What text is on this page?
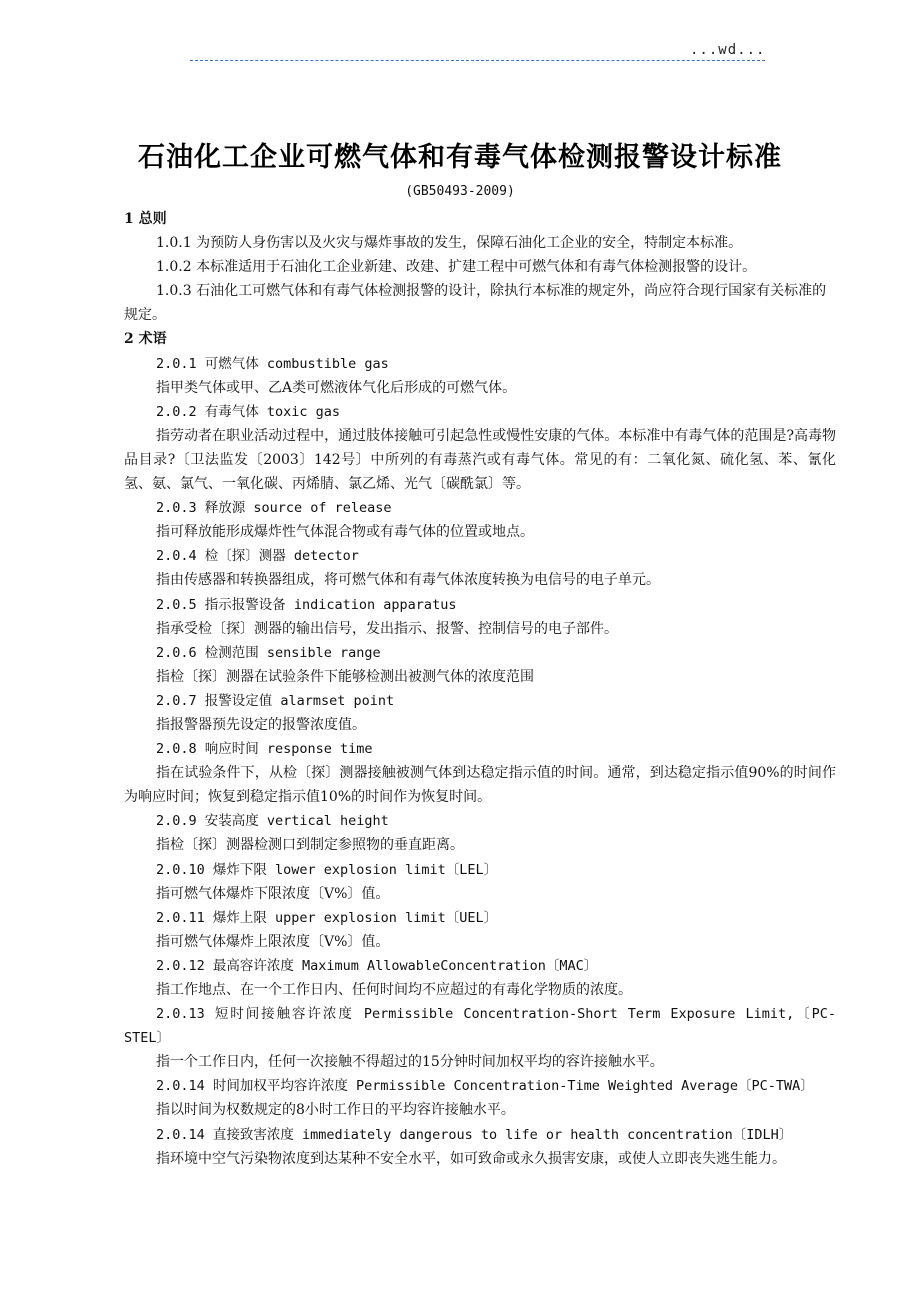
...wd...
石油化工企业可燃气体和有毒气体检测报警设计标准
(GB50493-2009)
1 总则
1.0.1 为预防人身伤害以及火灾与爆炸事故的发生，保障石油化工企业的安全，特制定本标准。
1.0.2 本标准适用于石油化工企业新建、改建、扩建工程中可燃气体和有毒气体检测报警的设计。
1.0.3 石油化工可燃气体和有毒气体检测报警的设计，除执行本标准的规定外，尚应符合现行国家有关标准的规定。
2 术语
2.0.1 可燃气体 combustible gas
指甲类气体或甲、乙A类可燃液体气化后形成的可燃气体。
2.0.2 有毒气体 toxic gas
指劳动者在职业活动过程中，通过肢体接触可引起急性或慢性安康的气体。本标准中有毒气体的范围是?高毒物品目录?〔卫法监发〔2003〕142号〕中所列的有毒蒸汽或有毒气体。常见的有：二氧化氮、硫化氢、苯、氰化氢、氨、氯气、一氧化碳、丙烯腈、氯乙烯、光气〔碳酰氯〕等。
2.0.3 释放源 source of release
指可释放能形成爆炸性气体混合物或有毒气体的位置或地点。
2.0.4 检〔探〕测器 detector
指由传感器和转换器组成，将可燃气体和有毒气体浓度转换为电信号的电子单元。
2.0.5 指示报警设备 indication apparatus
指承受检〔探〕测器的输出信号，发出指示、报警、控制信号的电子部件。
2.0.6 检测范围 sensible range
指检〔探〕测器在试验条件下能够检测出被测气体的浓度范围
2.0.7 报警设定值 alarmset point
指报警器预先设定的报警浓度值。
2.0.8 响应时间 response time
指在试验条件下，从检〔探〕测器接触被测气体到达稳定指示值的时间。通常，到达稳定指示值90%的时间作为响应时间；恢复到稳定指示值10%的时间作为恢复时间。
2.0.9 安装高度 vertical height
指检〔探〕测器检测口到制定参照物的垂直距离。
2.0.10 爆炸下限 lower explosion limit〔LEL〕
指可燃气体爆炸下限浓度〔V%〕值。
2.0.11 爆炸上限 upper explosion limit〔UEL〕
指可燃气体爆炸上限浓度〔V%〕值。
2.0.12 最高容许浓度 Maximum AllowableConcentration〔MAC〕
指工作地点、在一个工作日内、任何时间均不应超过的有毒化学物质的浓度。
2.0.13 短时间接触容许浓度 Permissible Concentration-Short Term Exposure Limit,〔PC-STEL〕
指一个工作日内，任何一次接触不得超过的15分钟时间加权平均的容许接触水平。
2.0.14 时间加权平均容许浓度 Permissible Concentration-Time Weighted Average〔PC-TWA〕
指以时间为权数规定的8小时工作日的平均容许接触水平。
2.0.14 直接致害浓度 immediately dangerous to life or health concentration〔IDLH〕
指环境中空气污染物浓度到达某种不安全水平，如可致命或永久损害安康，或使人立即丧失逃生能力。
